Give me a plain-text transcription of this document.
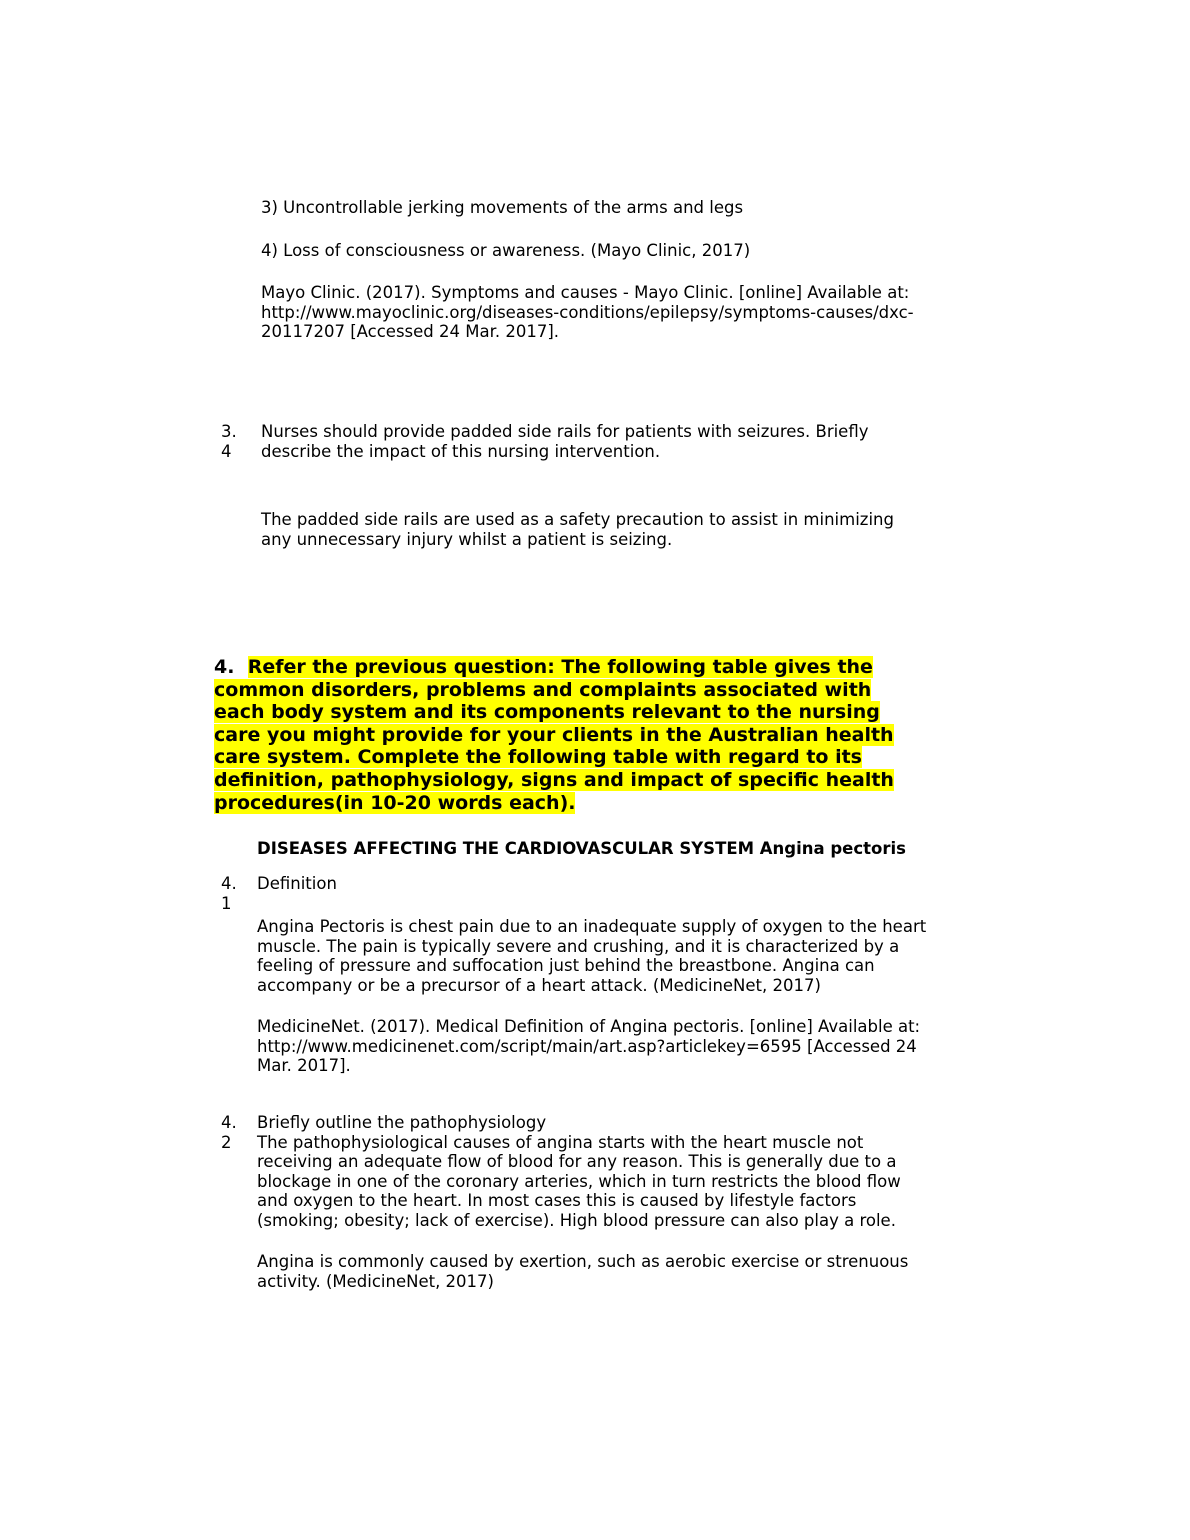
3) Uncontrollable jerking movements of the arms and legs

4) Loss of consciousness or awareness. (Mayo Clinic, 2017)

Mayo Clinic. (2017). Symptoms and causes - Mayo Clinic. [online] Available at:
http://www.mayoclinic.org/diseases-conditions/epilepsy/symptoms-causes/dxc-
20117207 [Accessed 24 Mar. 2017].
3.
4
Nurses should provide padded side rails for patients with seizures. Briefly
describe the impact of this nursing intervention.
The padded side rails are used as a safety precaution to assist in minimizing
any unnecessary injury whilst a patient is seizing.
4. Refer the previous question: The following table gives the
common disorders, problems and complaints associated with
each body system and its components relevant to the nursing
care you might provide for your clients in the Australian health
care system. Complete the following table with regard to its
definition, pathophysiology, signs and impact of specific health
procedures(in 10-20 words each).

DISEASES AFFECTING THE CARDIOVASCULAR SYSTEM Angina pectoris

4.
1

Definition

Angina Pectoris is chest pain due to an inadequate supply of oxygen to the heart
muscle. The pain is typically severe and crushing, and it is characterized by a
feeling of pressure and suffocation just behind the breastbone. Angina can
accompany or be a precursor of a heart attack. (MedicineNet, 2017)
MedicineNet. (2017). Medical Definition of Angina pectoris. [online] Available at:
http://www.medicinenet.com/script/main/art.asp?articlekey=6595 [Accessed 24
Mar. 2017].
4.
2
Briefly outline the pathophysiology
The pathophysiological causes of angina starts with the heart muscle not
receiving an adequate flow of blood for any reason. This is generally due to a
blockage in one of the coronary arteries, which in turn restricts the blood flow
and oxygen to the heart. In most cases this is caused by lifestyle factors
(smoking; obesity; lack of exercise). High blood pressure can also play a role.
Angina is commonly caused by exertion, such as aerobic exercise or strenuous
activity. (MedicineNet, 2017)
